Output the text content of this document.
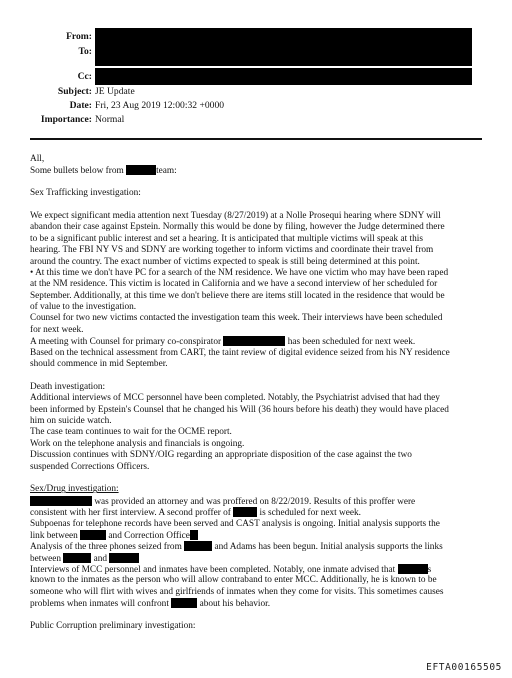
From:
To:
Cc:
Subject: JE Update
Date: Fri, 23 Aug 2019 12:00:32 +0000
Importance: Normal
All,
Some bullets below from	team:
Sex Trafficking investigation:
We expect significant media attention next Tuesday (8/27/2019) at a Nolle Prosequi hearing where SDNY will
abandon their case against Epstein. Normally this would be done by filing, however the Judge determined there
to be a significant public interest and set a hearing. It is anticipated that multiple victims will speak at this
hearing. The FBI NY VS and SDNY are working together to inform victims and coordinate their travel from
around the country. The exact number of victims expected to speak is still being determined at this point.
• At this time we don't have PC for a search of the NM residence. We have one victim who may have been raped
at the NM residence. This victim is located in California and we have a second interview of her scheduled for
September. Additionally, at this time we don't believe there are items still located in the residence that would be
of value to the investigation.
Counsel for two new victims contacted the investigation team this week. Their interviews have been scheduled
for next week.
A meeting with Counsel for primary co-conspirator	has been scheduled for next week.
Based on the technical assessment from CART, the taint review of digital evidence seized from his NY residence
should commence in mid September.
Death investigation:
Additional interviews of MCC personnel have been completed. Notably, the Psychiatrist advised that had they
been informed by Epstein's Counsel that he changed his Will (36 hours before his death) they would have placed
him on suicide watch.
The case team continues to wait for the OCME report.
Work on the telephone analysis and financials is ongoing.
Discussion continues with SDNY/OIG regarding an appropriate disposition of the case against the two
suspended Corrections Officers.
Sex/Drug investigation:
was provided an attorney and was proffered on 8/22/2019. Results of this proffer were
consistent with her first interview. A second proffer of	is scheduled for next week.
Subpoenas for telephone records have been served and CAST analysis is ongoing. Initial analysis supports the
link between	and Correction Office
Analysis of the three phones seized from	and Adams has been begun. Initial analysis supports the links
between	and
Interviews of MCC personnel and inmates have been completed. Notably, one inmate advised that	s
known to the inmates as the person who will allow contraband to enter MCC. Additionally, he is known to be
someone who will flirt with wives and girlfriends of inmates when they come for visits. This sometimes causes
problems when inmates will confront	about his behavior.
Public Corruption preliminary investigation:
EFTA00165505
